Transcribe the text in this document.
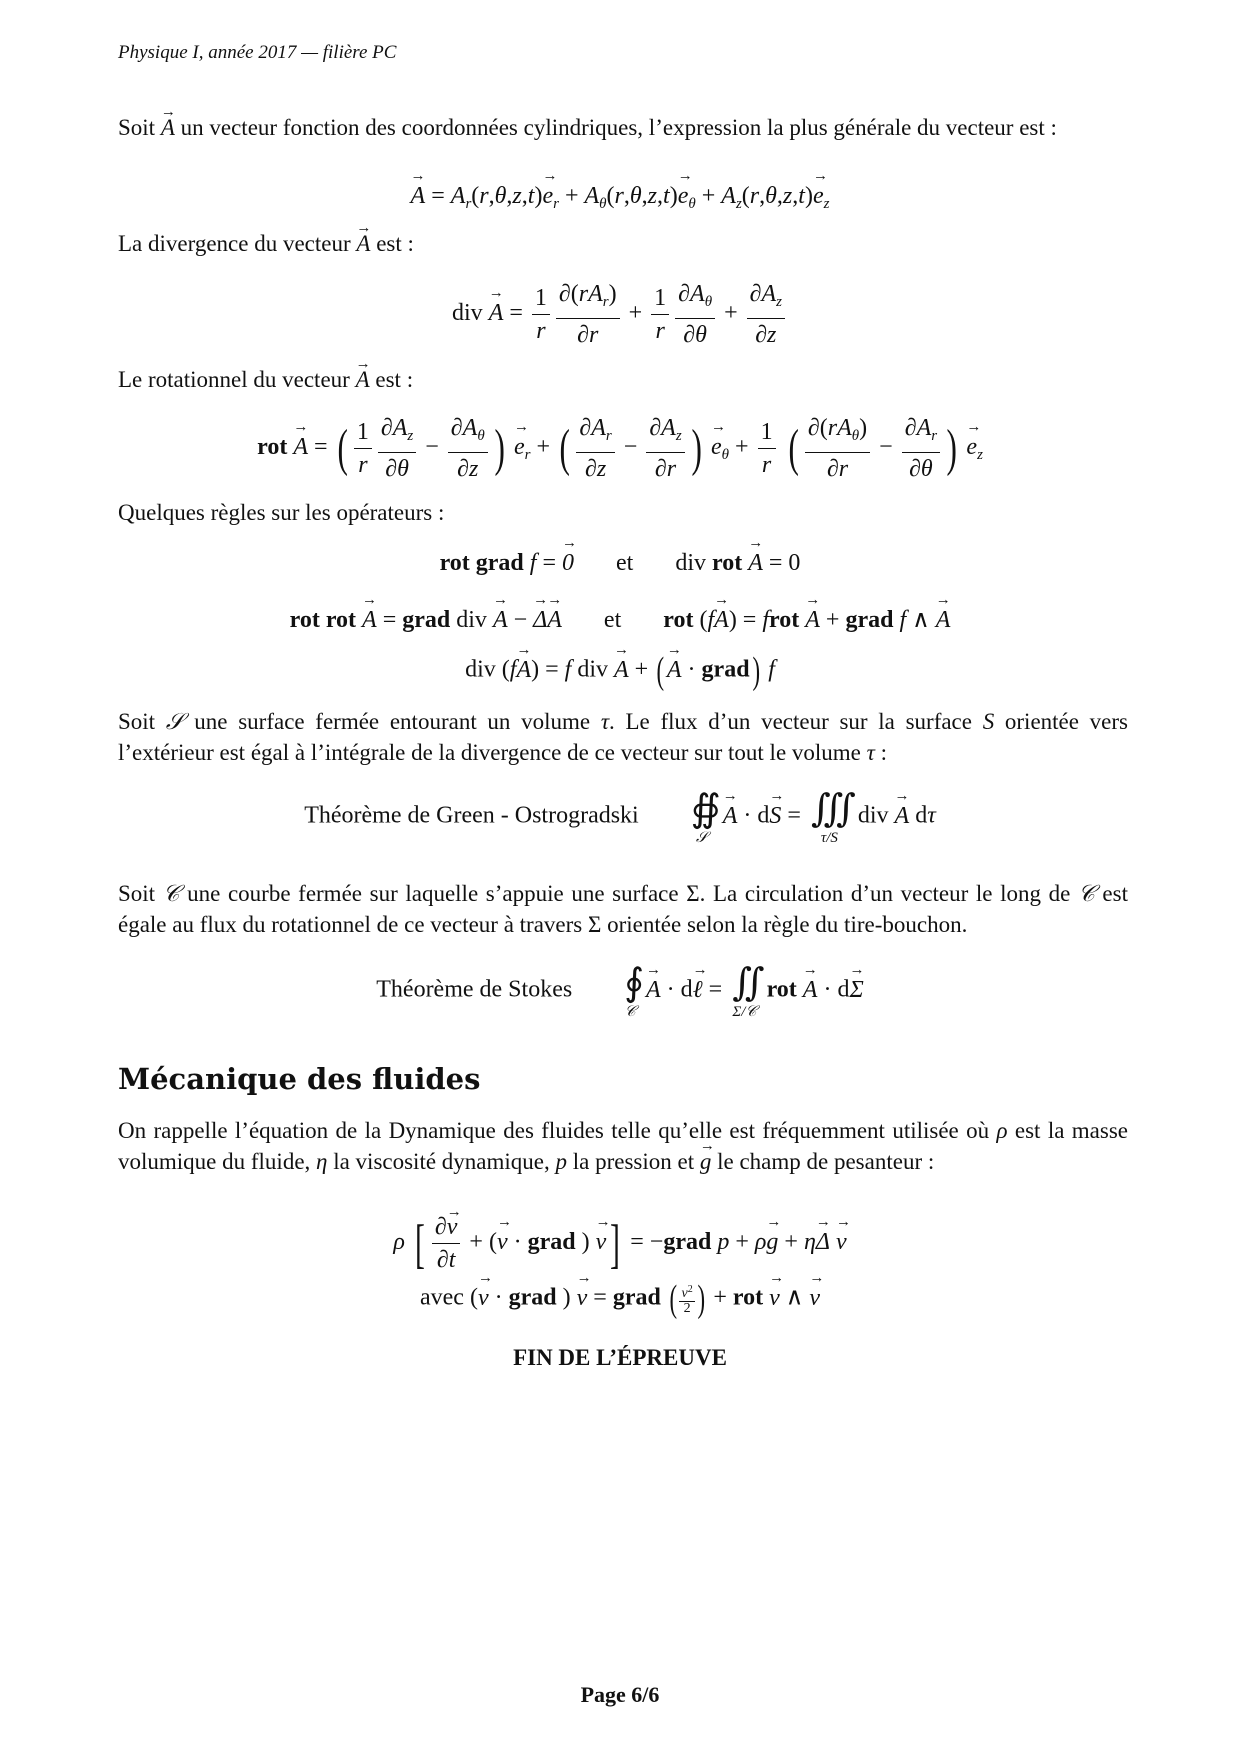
Physique I, année 2017 — filière PC

Soit → A un vecteur fonction des coordonnées cylindriques, l’expression la plus générale du vecteur est :

→ $A = A_r(r,\theta,z,t)\to e_r + A_\theta(r,\theta,z,t)\to e_\theta + A_z(r,\theta,z,t)\to e_z$

La divergence du vecteur → A est :

div → $A = \frac{1}{r} \frac{\partial(rA_r)}{\partial r} + \frac{1}{r} \frac{\partial A_\theta}{\partial\theta} + \frac{\partial A_z}{\partial z}$

Le rotationnel du vecteur → A est :

rot → A = ( $\frac{1}{r} \frac{\partial A_z}{\partial\theta} - \frac{\partial A_\theta}{\partial z}$ ) → $e_r$ + ( $\frac{\partial A_r}{\partial z} - \frac{\partial A_z}{\partial r}$ ) → $e_\theta + \frac{1}{r}$ ( $\frac{\partial(rA_\theta)}{\partial r} - \frac{\partial A_r}{\partial\theta}$ ) → $e_z$

Quelques règles sur les opérateurs :

rot grad f = → 0 et div rot → A = 0
rot rot → A = grad div → A − → Δ→ A et rot (f→ A) = frot → A + grad f ∧ → A
div (f→ A) = f div → A + ( → A · grad) f

Soit 𝒮 une surface fermée entourant un volume τ. Le flux d’un vecteur sur la surface S orientée vers l’extérieur est égal à l’intégrale de la divergence de ce vecteur sur tout le volume τ :

Théorème de Green - Ostrogradski ∯
𝒮
→ A · d→ S = ∭
τ/S
div → A dτ

Soit 𝒞 une courbe fermée sur laquelle s’appuie une surface Σ. La circulation d’un vecteur le long de 𝒞 est égale au flux du rotationnel de ce vecteur à travers Σ orientée selon la règle du tire-bouchon.

Théorème de Stokes ∮
𝒞
→ A · d→ ℓ = ∬
Σ/𝒞
rot → A · d→ Σ
Mécanique des fluides

On rappelle l’équation de la Dynamique des fluides telle qu’elle est fréquemment utilisée où ρ est la masse volumique du fluide, η la viscosité dynamique, p la pression et → g le champ de pesanteur :

ρ [ $\frac{\partial\to v}{\partial t}$ + (→ v · grad ) → v] = −grad p + ρ→ g + η→ Δ → v
avec (→ v · grad ) → v = grad ( $\frac{v^2}{2}$ ) + rot → v ∧ → v
FIN DE L’ÉPREUVE
Page 6/6
